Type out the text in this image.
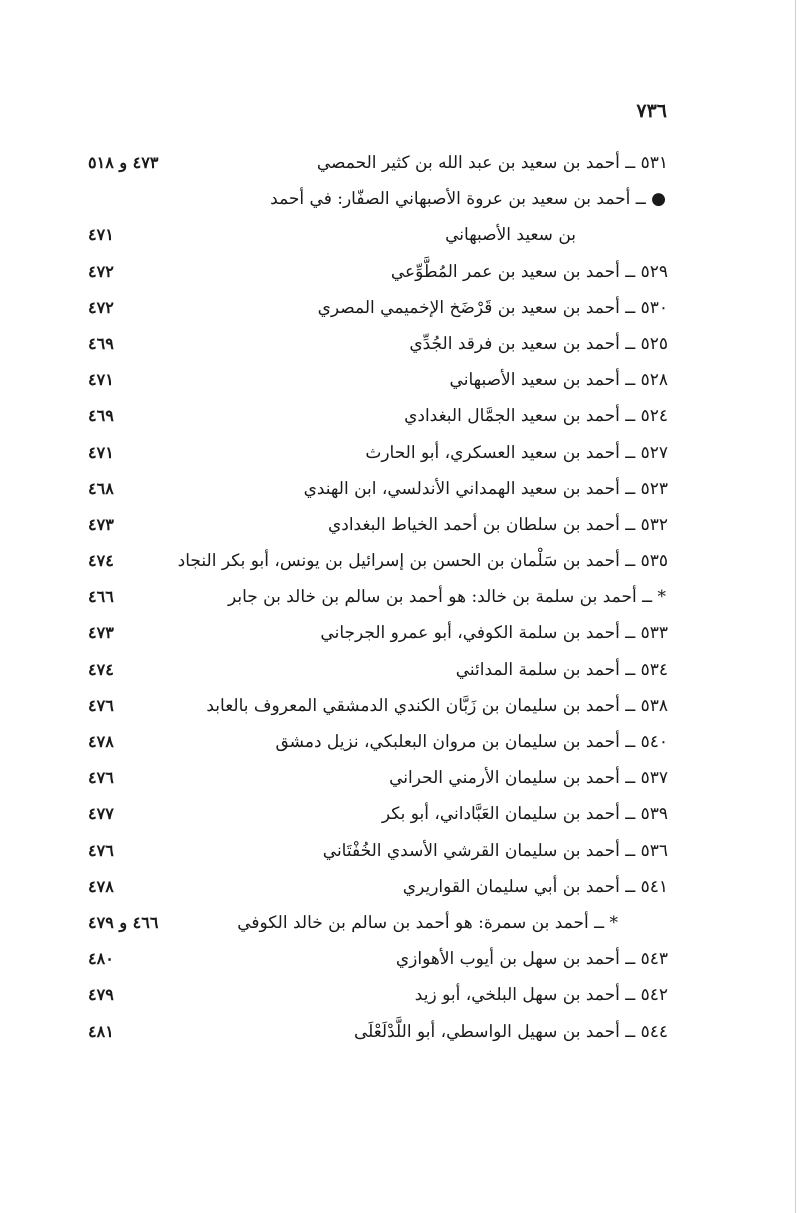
٧٣٦
٥٣١ ــ أحمد بن سعيد بن عبد الله بن كثير الحمصي
٤٧٣ و ٥١٨
● ــ أحمد بن سعيد بن عروة الأصبهاني الصفّار: في أحمد
بن سعيد الأصبهاني
٤٧١
٥٢٩ ــ أحمد بن سعيد بن عمر المُطَّوِّعي
٤٧٢
٥٣٠ ــ أحمد بن سعيد بن قَرْضَخ الإخميمي المصري
٤٧٢
٥٢٥ ــ أحمد بن سعيد بن فرقد الجُدِّي
٤٦٩
٥٢٨ ــ أحمد بن سعيد الأصبهاني
٤٧١
٥٢٤ ــ أحمد بن سعيد الجمَّال البغدادي
٤٦٩
٥٢٧ ــ أحمد بن سعيد العسكري، أبو الحارث
٤٧١
٥٢٣ ــ أحمد بن سعيد الهمداني الأندلسي، ابن الهندي
٤٦٨
٥٣٢ ــ أحمد بن سلطان بن أحمد الخياط البغدادي
٤٧٣
٥٣٥ ــ أحمد بن سَلْمان بن الحسن بن إسرائيل بن يونس، أبو بكر النجاد
٤٧٤
* ــ أحمد بن سلمة بن خالد: هو أحمد بن سالم بن خالد بن جابر
٤٦٦
٥٣٣ ــ أحمد بن سلمة الكوفي، أبو عمرو الجرجاني
٤٧٣
٥٣٤ ــ أحمد بن سلمة المدائني
٤٧٤
٥٣٨ ــ أحمد بن سليمان بن زَبَّان الكندي الدمشقي المعروف بالعابد
٤٧٦
٥٤٠ ــ أحمد بن سليمان بن مروان البعلبكي، نزيل دمشق
٤٧٨
٥٣٧ ــ أحمد بن سليمان الأرمني الحراني
٤٧٦
٥٣٩ ــ أحمد بن سليمان العَبَّاداني، أبو بكر
٤٧٧
٥٣٦ ــ أحمد بن سليمان القرشي الأسدي الخُفْتَاني
٤٧٦
٥٤١ ــ أحمد بن أبي سليمان القواريري
٤٧٨
* ــ أحمد بن سمرة: هو أحمد بن سالم بن خالد الكوفي
٤٦٦ و ٤٧٩
٥٤٣ ــ أحمد بن سهل بن أيوب الأهوازي
٤٨٠
٥٤٢ ــ أحمد بن سهل البلخي، أبو زيد
٤٧٩
٥٤٤ ــ أحمد بن سهيل الواسطي، أبو اللَّدْلَعْلَى
٤٨١
